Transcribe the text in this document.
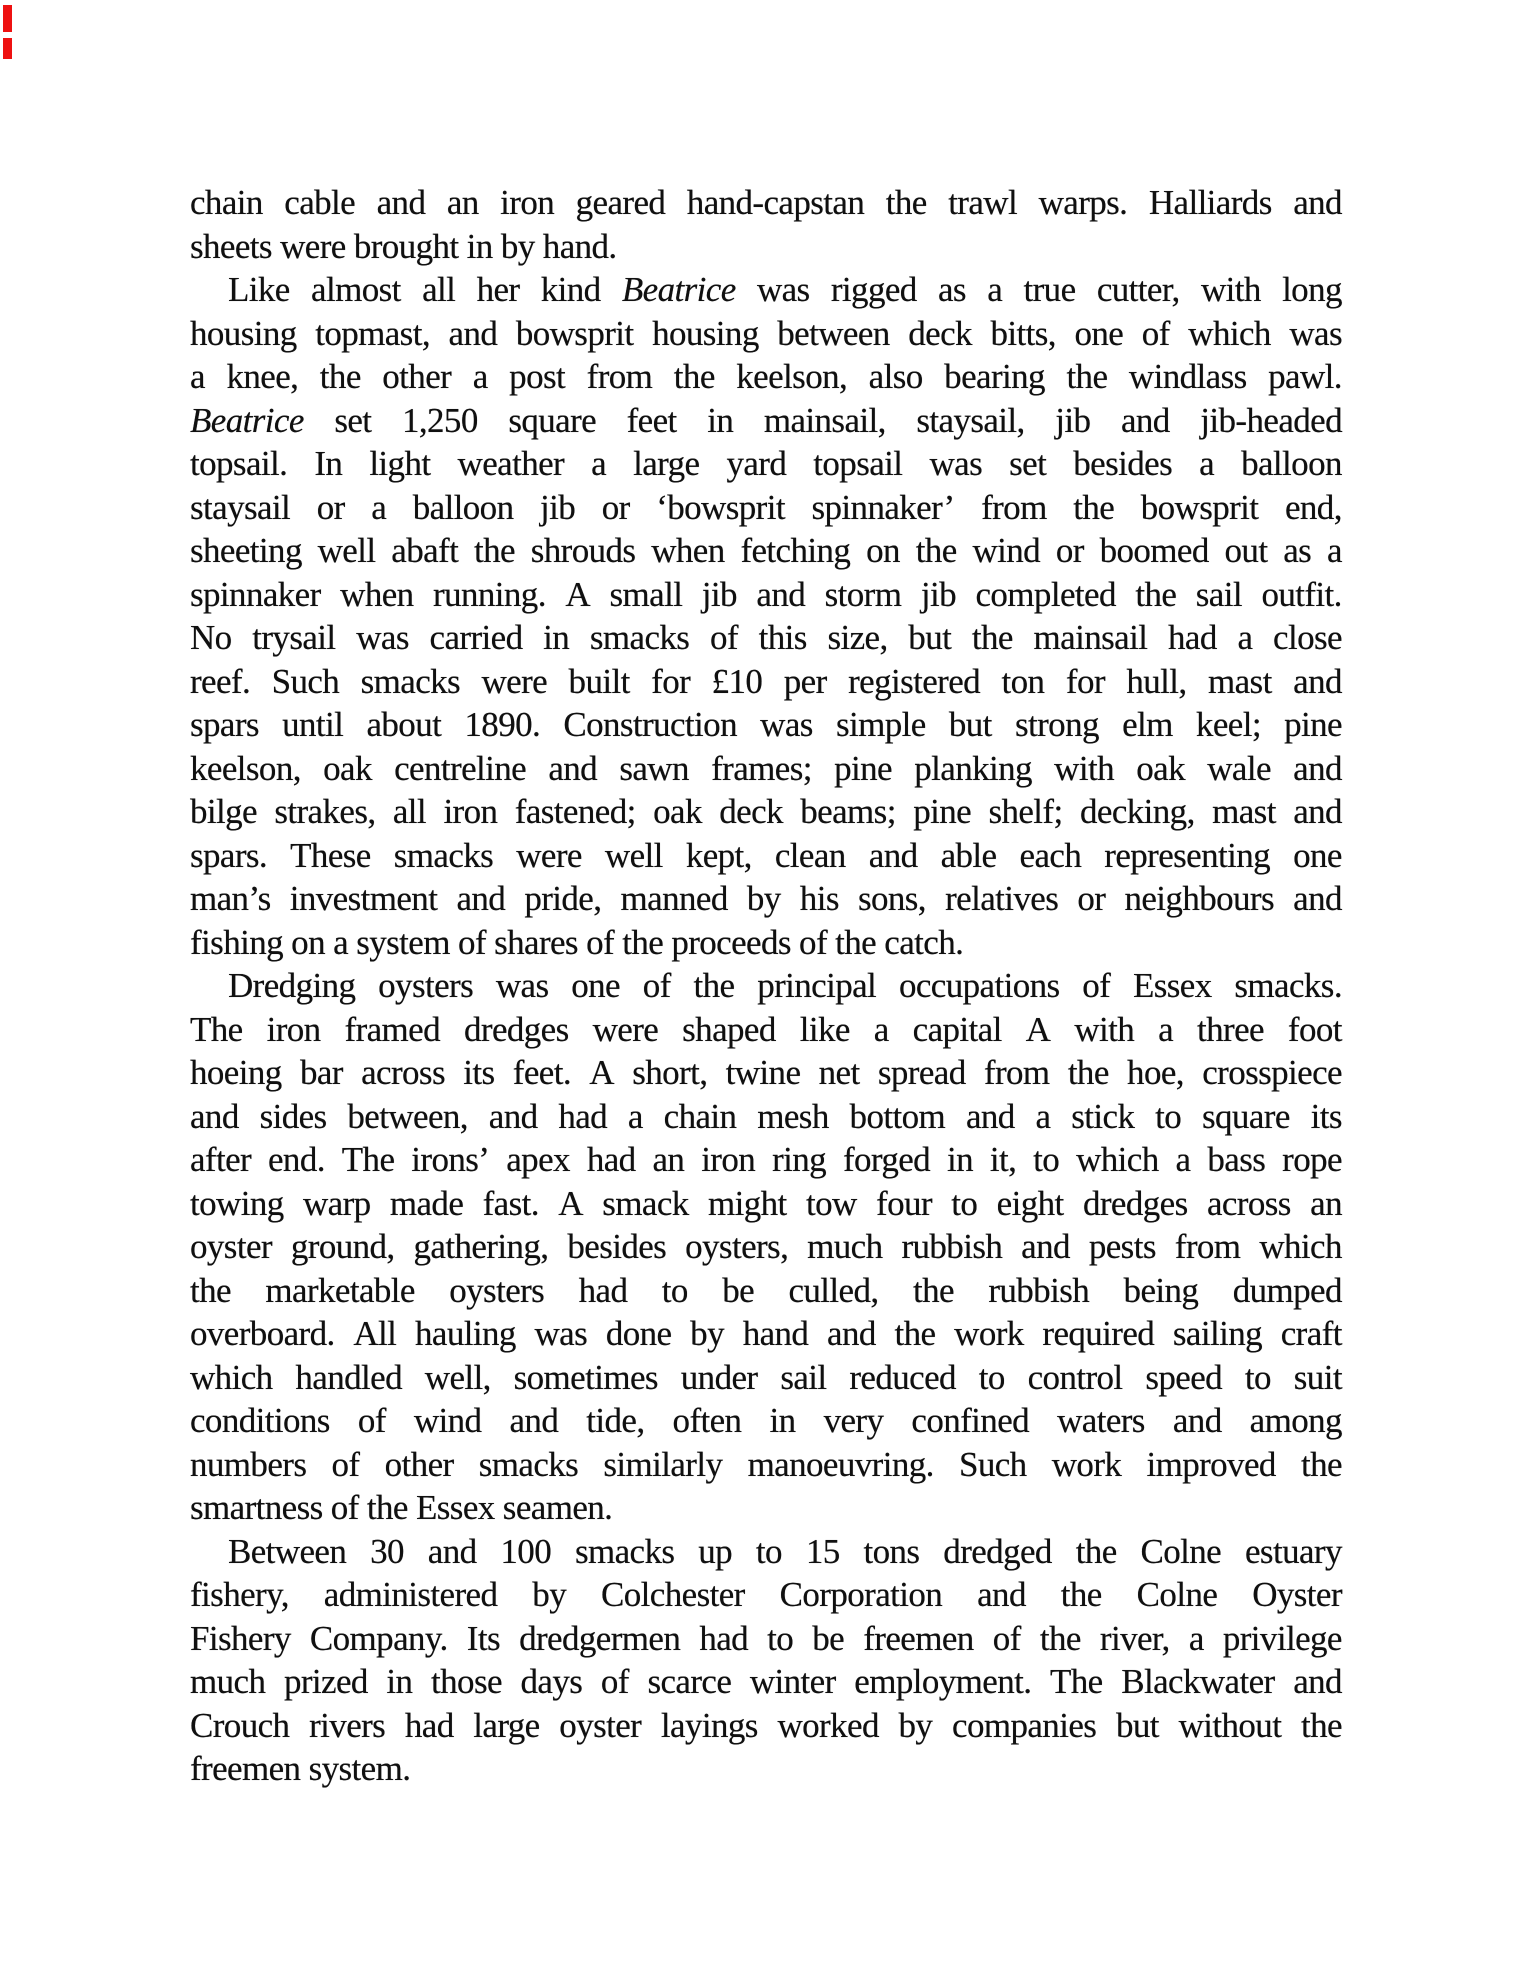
chain cable and an iron geared hand-capstan the trawl warps. Halliards and
sheets were brought in by hand.
Like almost all her kind Beatrice was rigged as a true cutter, with long
housing topmast, and bowsprit housing between deck bitts, one of which was
a knee, the other a post from the keelson, also bearing the windlass pawl.
Beatrice set 1,250 square feet in mainsail, staysail, jib and jib-headed
topsail. In light weather a large yard topsail was set besides a balloon
staysail or a balloon jib or ‘bowsprit spinnaker’ from the bowsprit end,
sheeting well abaft the shrouds when fetching on the wind or boomed out as a
spinnaker when running. A small jib and storm jib completed the sail outfit.
No trysail was carried in smacks of this size, but the mainsail had a close
reef. Such smacks were built for £10 per registered ton for hull, mast and
spars until about 1890. Construction was simple but strong elm keel; pine
keelson, oak centreline and sawn frames; pine planking with oak wale and
bilge strakes, all iron fastened; oak deck beams; pine shelf; decking, mast and
spars. These smacks were well kept, clean and able each representing one
man’s investment and pride, manned by his sons, relatives or neighbours and
fishing on a system of shares of the proceeds of the catch.
Dredging oysters was one of the principal occupations of Essex smacks.
The iron framed dredges were shaped like a capital A with a three foot
hoeing bar across its feet. A short, twine net spread from the hoe, crosspiece
and sides between, and had a chain mesh bottom and a stick to square its
after end. The irons’ apex had an iron ring forged in it, to which a bass rope
towing warp made fast. A smack might tow four to eight dredges across an
oyster ground, gathering, besides oysters, much rubbish and pests from which
the marketable oysters had to be culled, the rubbish being dumped
overboard. All hauling was done by hand and the work required sailing craft
which handled well, sometimes under sail reduced to control speed to suit
conditions of wind and tide, often in very confined waters and among
numbers of other smacks similarly manoeuvring. Such work improved the
smartness of the Essex seamen.
Between 30 and 100 smacks up to 15 tons dredged the Colne estuary
fishery, administered by Colchester Corporation and the Colne Oyster
Fishery Company. Its dredgermen had to be freemen of the river, a privilege
much prized in those days of scarce winter employment. The Blackwater and
Crouch rivers had large oyster layings worked by companies but without the
freemen system.
